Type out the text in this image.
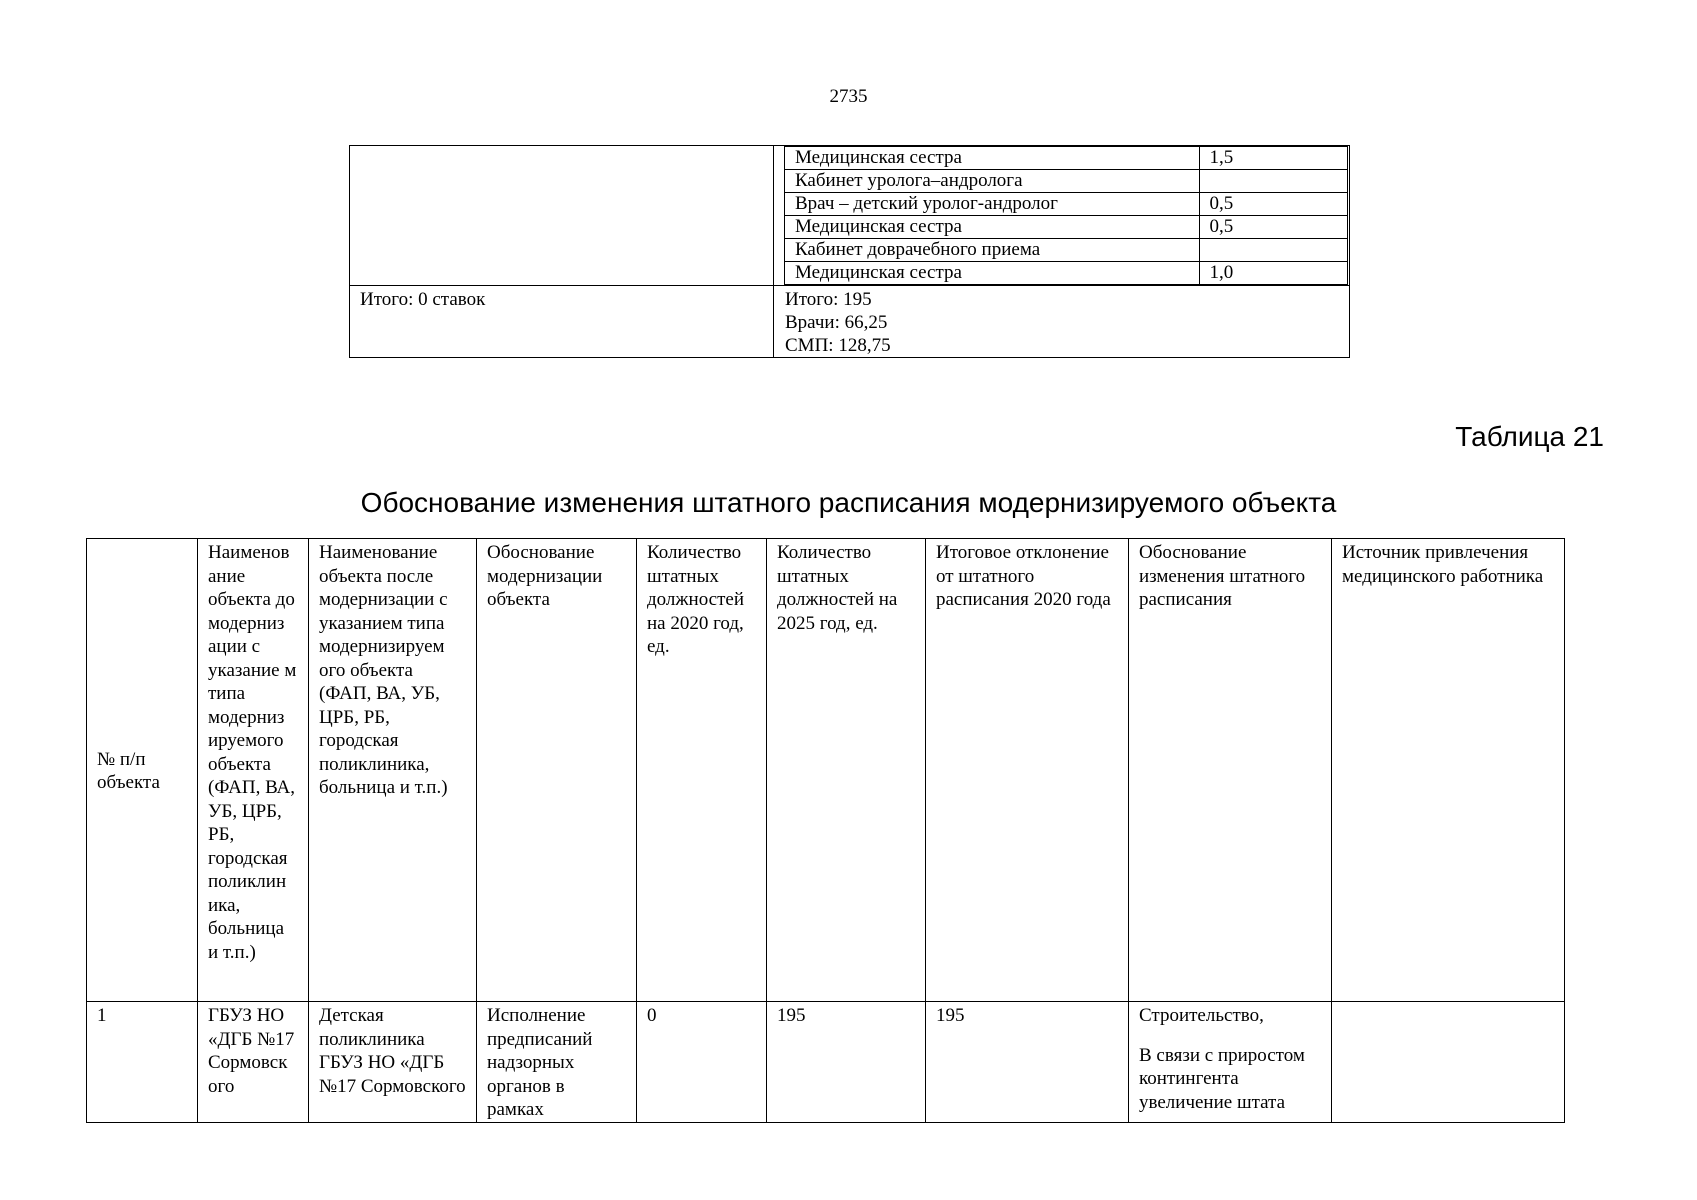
2735

Медицинская сестра	1,5
Кабинет уролога–андролога	
Врач – детский уролог-андролог	0,5
Медицинская сестра	0,5
Кабинет доврачебного приема	
Медицинская сестра	1,0

Итого: 0 ставок	Итого: 195
Врачи: 66,25
СМП: 128,75
Таблица 21
Обоснование изменения штатного расписания модернизируемого объекта
№ п/п объекта	Наименов ание объекта до модерниз ации с указание м типа модерниз ируемого объекта (ФАП, ВА, УБ, ЦРБ, РБ, городская поликлин ика, больница и т.п.)	Наименование объекта после модернизации с указанием типа модернизируем ого объекта (ФАП, ВА, УБ, ЦРБ, РБ, городская поликлиника, больница и т.п.)	Обоснование модернизации объекта	Количество штатных должностей на 2020 год, ед.	Количество штатных должностей на 2025 год, ед.	Итоговое отклонение от штатного расписания 2020 года	Обоснование изменения штатного расписания	Источник привлечения медицинского работника
1	ГБУЗ НО «ДГБ №17 Сормовск ого	Детская поликлиника ГБУЗ НО «ДГБ №17 Сормовского	Исполнение предписаний надзорных органов в рамках	0	195	195	Строительство,
В связи с приростом контингента увеличение штата	
